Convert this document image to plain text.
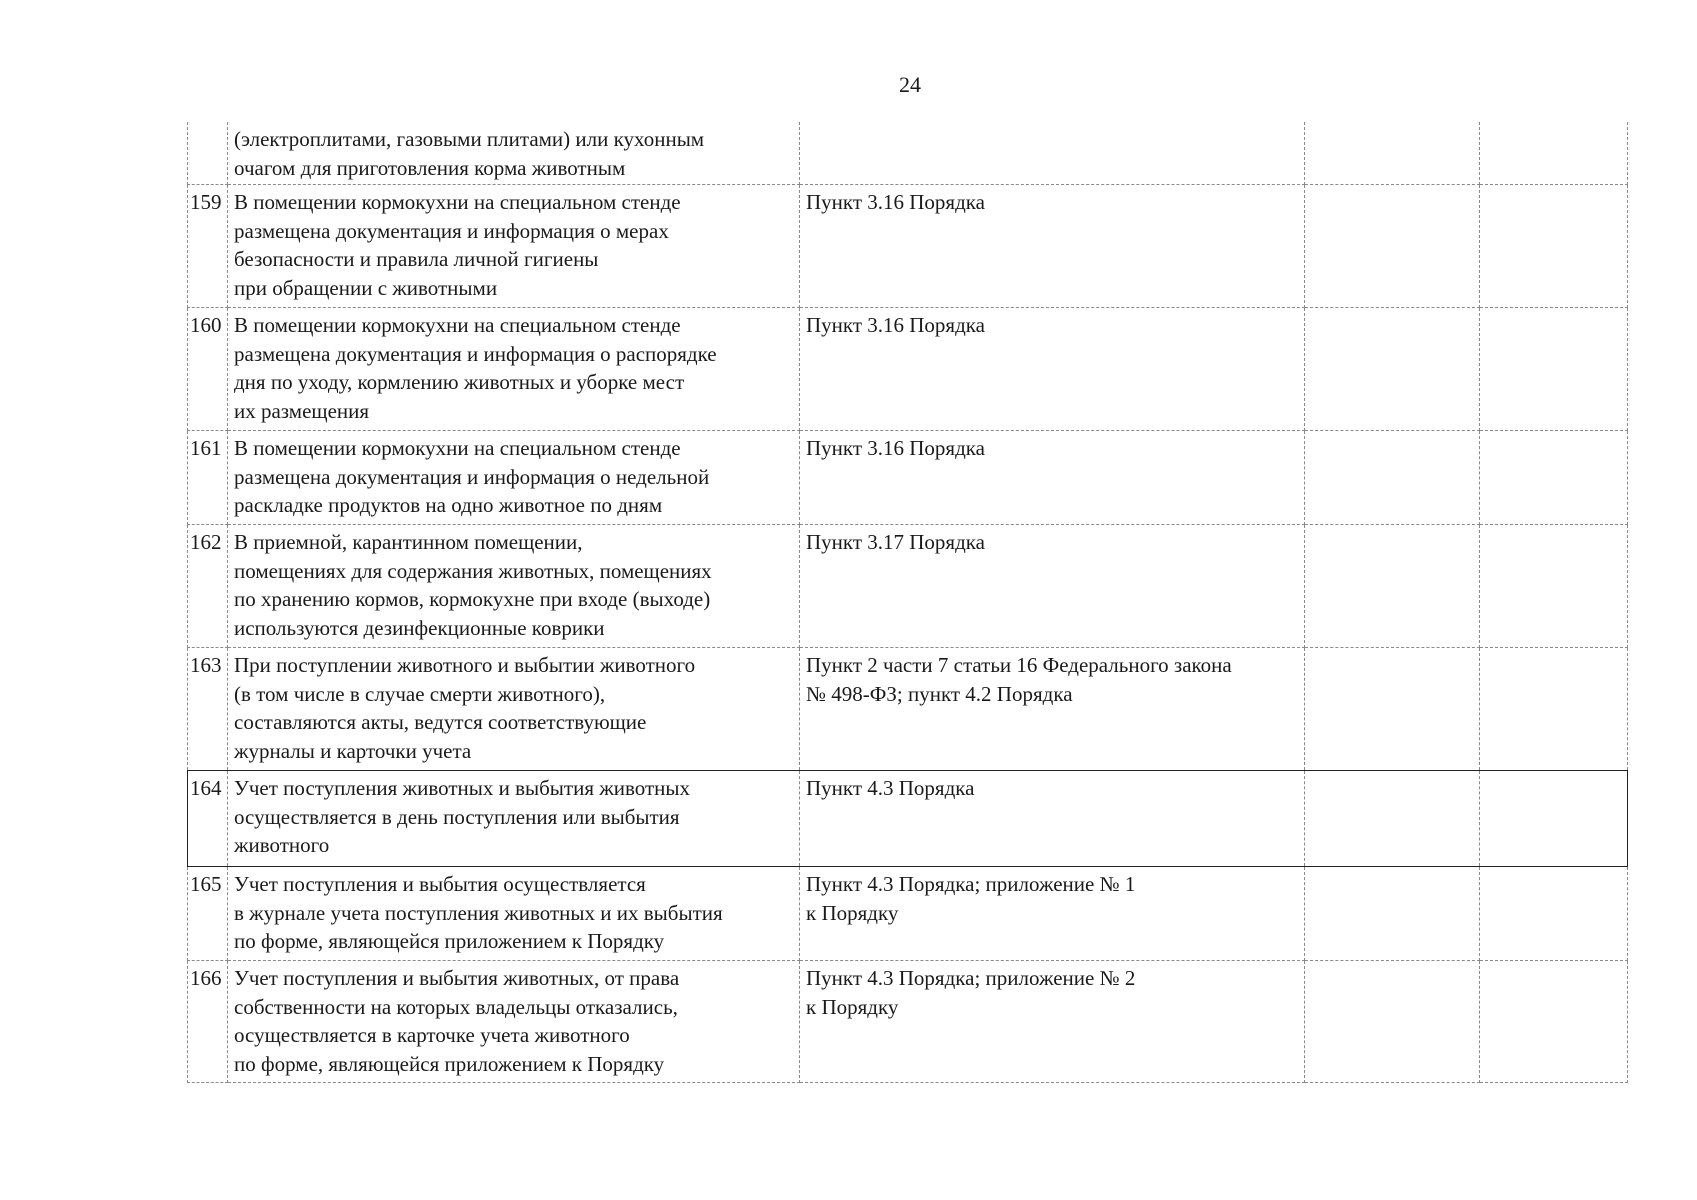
24
	(электроплитами, газовыми плитами) или кухонным
очагом для приготовления корма животным			
159	В помещении кормокухни на специальном стенде
размещена документация и информация о мерах
безопасности и правила личной гигиены
при обращении с животными	Пункт 3.16 Порядка		
160	В помещении кормокухни на специальном стенде
размещена документация и информация о распорядке
дня по уходу, кормлению животных и уборке мест
их размещения	Пункт 3.16 Порядка		
161	В помещении кормокухни на специальном стенде
размещена документация и информация о недельной
раскладке продуктов на одно животное по дням	Пункт 3.16 Порядка		
162	В приемной, карантинном помещении,
помещениях для содержания животных, помещениях
по хранению кормов, кормокухне при входе (выходе)
используются дезинфекционные коврики	Пункт 3.17 Порядка		
163	При поступлении животного и выбытии животного
(в том числе в случае смерти животного),
составляются акты, ведутся соответствующие
журналы и карточки учета	Пункт 2 части 7 статьи 16 Федерального закона
№ 498-ФЗ; пункт 4.2 Порядка		
164	Учет поступления животных и выбытия животных
осуществляется в день поступления или выбытия
животного	Пункт 4.3 Порядка		
165	Учет поступления и выбытия осуществляется
в журнале учета поступления животных и их выбытия
по форме, являющейся приложением к Порядку	Пункт 4.3 Порядка; приложение № 1
к Порядку		
166	Учет поступления и выбытия животных, от права
собственности на которых владельцы отказались,
осуществляется в карточке учета животного
по форме, являющейся приложением к Порядку	Пункт 4.3 Порядка; приложение № 2
к Порядку		
